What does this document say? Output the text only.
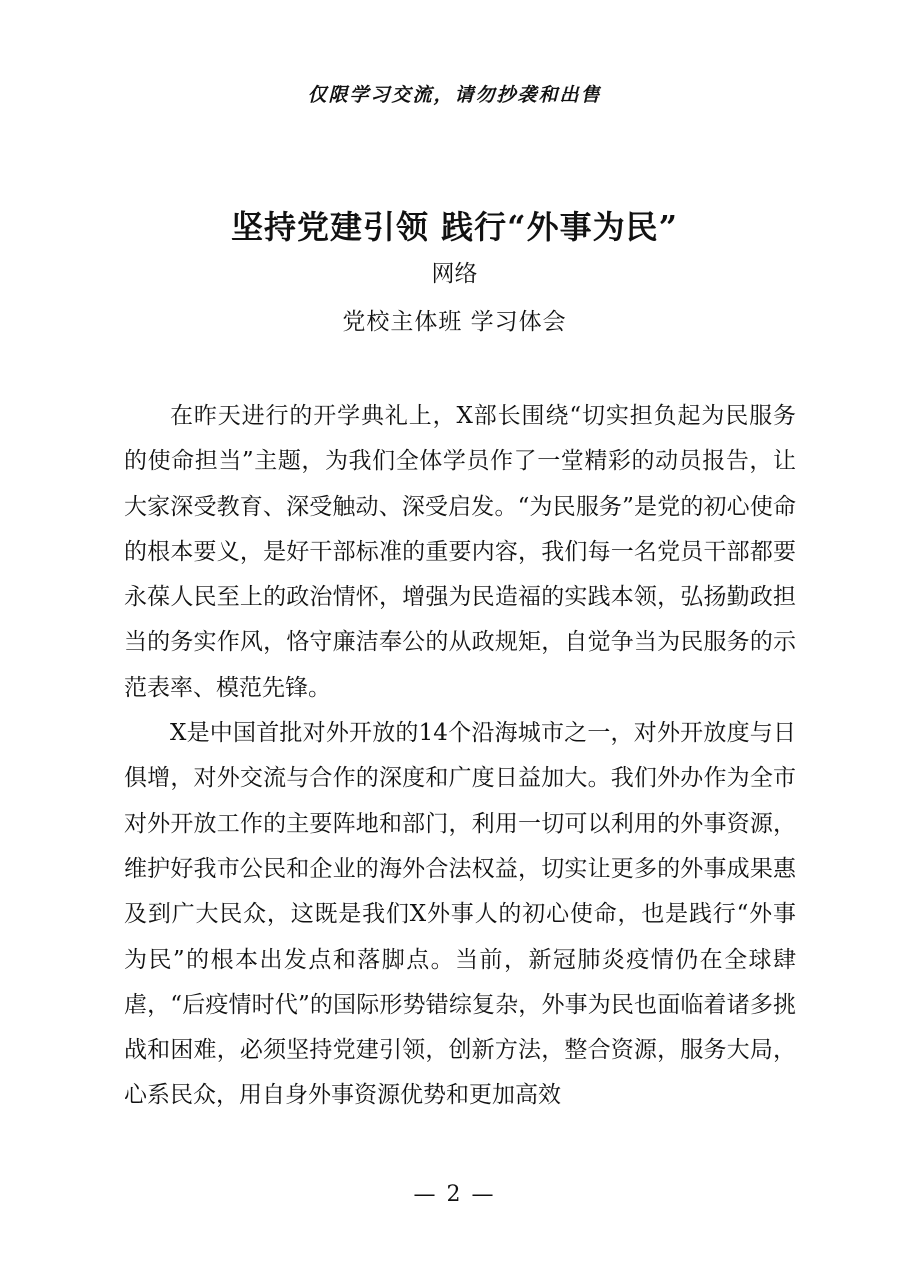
仅限学习交流，请勿抄袭和出售
坚持党建引领 践行“外事为民”
网络
党校主体班 学习体会

在昨天进行的开学典礼上，X部长围绕“切实担负起为民服务的使命担当”主题，为我们全体学员作了一堂精彩的动员报告，让大家深受教育、深受触动、深受启发。“为民服务”是党的初心使命的根本要义，是好干部标准的重要内容，我们每一名党员干部都要永葆人民至上的政治情怀，增强为民造福的实践本领，弘扬勤政担当的务实作风，恪守廉洁奉公的从政规矩，自觉争当为民服务的示范表率、模范先锋。

X是中国首批对外开放的14个沿海城市之一，对外开放度与日俱增，对外交流与合作的深度和广度日益加大。我们外办作为全市对外开放工作的主要阵地和部门，利用一切可以利用的外事资源，维护好我市公民和企业的海外合法权益，切实让更多的外事成果惠及到广大民众，这既是我们X外事人的初心使命，也是践行“外事为民”的根本出发点和落脚点。当前，新冠肺炎疫情仍在全球肆虐，“后疫情时代”的国际形势错综复杂，外事为民也面临着诸多挑战和困难，必须坚持党建引领，创新方法，整合资源，服务大局，心系民众，用自身外事资源优势和更加高效

— 2 —
